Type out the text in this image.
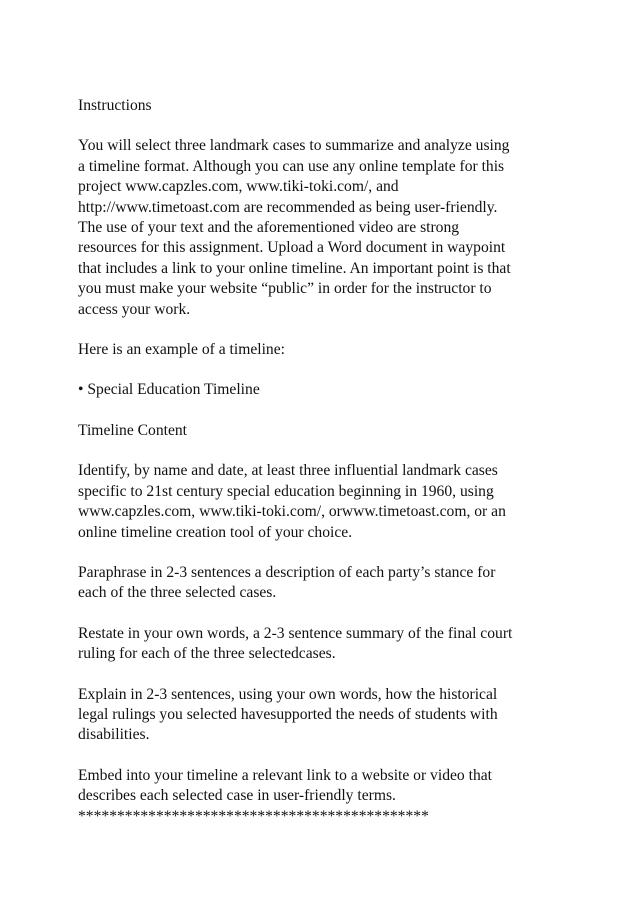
Instructions

You will select three landmark cases to summarize and analyze using
a timeline format. Although you can use any online template for this
project www.capzles.com, www.tiki-toki.com/, and
http://www.timetoast.com are recommended as being user-friendly.
The use of your text and the aforementioned video are strong
resources for this assignment. Upload a Word document in waypoint
that includes a link to your online timeline. An important point is that
you must make your website “public” in order for the instructor to
access your work.

Here is an example of a timeline:

• Special Education Timeline

Timeline Content

Identify, by name and date, at least three influential landmark cases
specific to 21st century special education beginning in 1960, using
www.capzles.com, www.tiki-toki.com/, orwww.timetoast.com, or an
online timeline creation tool of your choice.

Paraphrase in 2-3 sentences a description of each party’s stance for
each of the three selected cases.

Restate in your own words, a 2-3 sentence summary of the final court
ruling for each of the three selectedcases.

Explain in 2-3 sentences, using your own words, how the historical
legal rulings you selected havesupported the needs of students with
disabilities.

Embed into your timeline a relevant link to a website or video that
describes each selected case in user-friendly terms.

*********************************************
